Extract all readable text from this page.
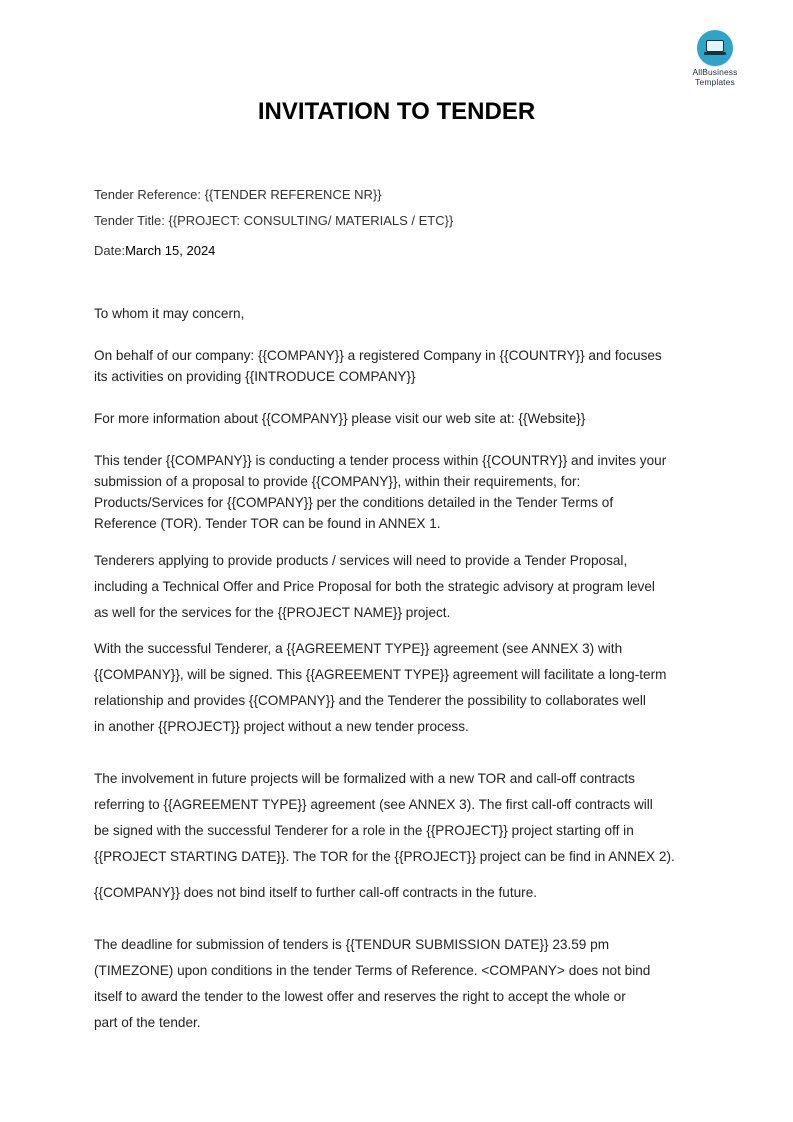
AllBusiness
Templates
INVITATION TO TENDER
Tender Reference: {{TENDER REFERENCE NR}}
Tender Title: {{PROJECT: CONSULTING/ MATERIALS / ETC}}
Date:March 15, 2024
To whom it may concern,
On behalf of our company: {{COMPANY}} a registered Company in {{COUNTRY}} and focuses
its activities on providing {{INTRODUCE COMPANY}}
For more information about {{COMPANY}} please visit our web site at: {{Website}}
This tender {{COMPANY}} is conducting a tender process within {{COUNTRY}} and invites your
submission of a proposal to provide {{COMPANY}}, within their requirements, for:
Products/Services for {{COMPANY}} per the conditions detailed in the Tender Terms of
Reference (TOR). Tender TOR can be found in ANNEX 1.
Tenderers applying to provide products / services will need to provide a Tender Proposal,
including a Technical Offer and Price Proposal for both the strategic advisory at program level
as well for the services for the {{PROJECT NAME}} project.
With the successful Tenderer, a {{AGREEMENT TYPE}} agreement (see ANNEX 3) with
{{COMPANY}}, will be signed. This {{AGREEMENT TYPE}} agreement will facilitate a long-term
relationship and provides {{COMPANY}} and the Tenderer the possibility to collaborates well
in another {{PROJECT}} project without a new tender process.
The involvement in future projects will be formalized with a new TOR and call-off contracts
referring to {{AGREEMENT TYPE}} agreement (see ANNEX 3). The first call-off contracts will
be signed with the successful Tenderer for a role in the {{PROJECT}} project starting off in
{{PROJECT STARTING DATE}}. The TOR for the {{PROJECT}} project can be find in ANNEX 2).
{{COMPANY}} does not bind itself to further call-off contracts in the future.
The deadline for submission of tenders is {{TENDUR SUBMISSION DATE}} 23.59 pm
(TIMEZONE) upon conditions in the tender Terms of Reference. <COMPANY> does not bind
itself to award the tender to the lowest offer and reserves the right to accept the whole or
part of the tender.
